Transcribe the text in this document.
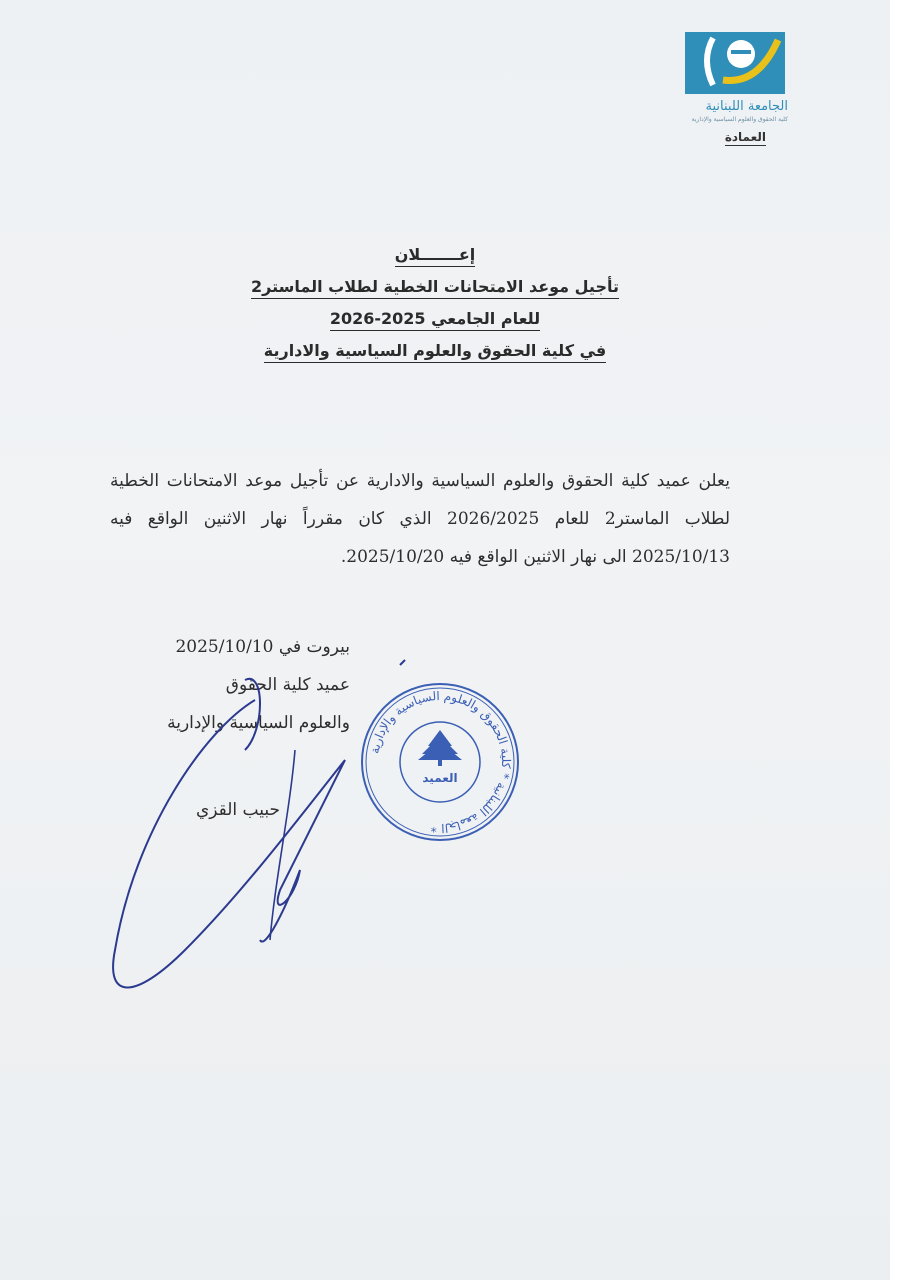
الجامعة اللبنانية
كلية الحقوق والعلوم السياسية والإدارية
العمادة
إعـــــــلان
تأجيل موعد الامتحانات الخطية لطلاب الماستر2
للعام الجامعي 2025-2026
في كلية الحقوق والعلوم السياسية والادارية
يعلن عميد كلية الحقوق والعلوم السياسية والادارية عن تأجيل موعد الامتحانات الخطية لطلاب الماستر2 للعام 2026/2025 الذي كان مقرراً نهار الاثنين الواقع فيه 2025/10/13 الى نهار الاثنين الواقع فيه 2025/10/20.
بيروت في 2025/10/10
عميد كلية الحقوق
والعلوم السياسية والإدارية
حبيب القزي
الجامعة اللبنانية * كلية الحقوق والعلوم السياسية والإدارية *
العميد
